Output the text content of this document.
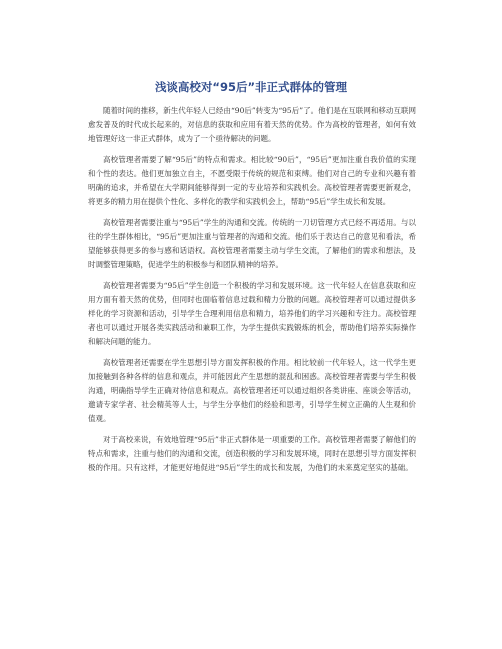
浅谈高校对“95后”非正式群体的管理

随着时间的推移，新生代年轻人已经由“90后”转变为“95后”了。他们是在互联网和移动互联网愈发普及的时代成长起来的，对信息的获取和应用有着天然的优势。作为高校的管理者，如何有效地管理好这一非正式群体，成为了一个亟待解决的问题。

高校管理者需要了解“95后”的特点和需求。相比较“90后”，“95后”更加注重自我价值的实现和个性的表达。他们更加独立自主，不愿受限于传统的规范和束缚。他们对自己的专业和兴趣有着明确的追求，并希望在大学期间能够得到一定的专业培养和实践机会。高校管理者需要更新观念，将更多的精力用在提供个性化、多样化的教学和实践机会上，帮助“95后”学生成长和发展。

高校管理者需要注重与“95后”学生的沟通和交流。传统的一刀切管理方式已经不再适用。与以往的学生群体相比，“95后”更加注重与管理者的沟通和交流。他们乐于表达自己的意见和看法，希望能够获得更多的参与感和话语权。高校管理者需要主动与学生交流，了解他们的需求和想法，及时调整管理策略，促进学生的积极参与和团队精神的培养。

高校管理者需要为“95后”学生创造一个积极的学习和发展环境。这一代年轻人在信息获取和应用方面有着天然的优势，但同时也面临着信息过载和精力分散的问题。高校管理者可以通过提供多样化的学习资源和活动，引导学生合理利用信息和精力，培养他们的学习兴趣和专注力。高校管理者也可以通过开展各类实践活动和兼职工作，为学生提供实践锻炼的机会，帮助他们培养实际操作和解决问题的能力。

高校管理者还需要在学生思想引导方面发挥积极的作用。相比较前一代年轻人，这一代学生更加接触到各种各样的信息和观点，并可能因此产生思想的混乱和困惑。高校管理者需要与学生积极沟通，明确指导学生正确对待信息和观点。高校管理者还可以通过组织各类讲座、座谈会等活动，邀请专家学者、社会精英等人士，与学生分享他们的经验和思考，引导学生树立正确的人生观和价值观。

对于高校来说，有效地管理“95后”非正式群体是一项重要的工作。高校管理者需要了解他们的特点和需求，注重与他们的沟通和交流，创造积极的学习和发展环境，同时在思想引导方面发挥积极的作用。只有这样，才能更好地促进“95后”学生的成长和发展，为他们的未来奠定坚实的基础。
